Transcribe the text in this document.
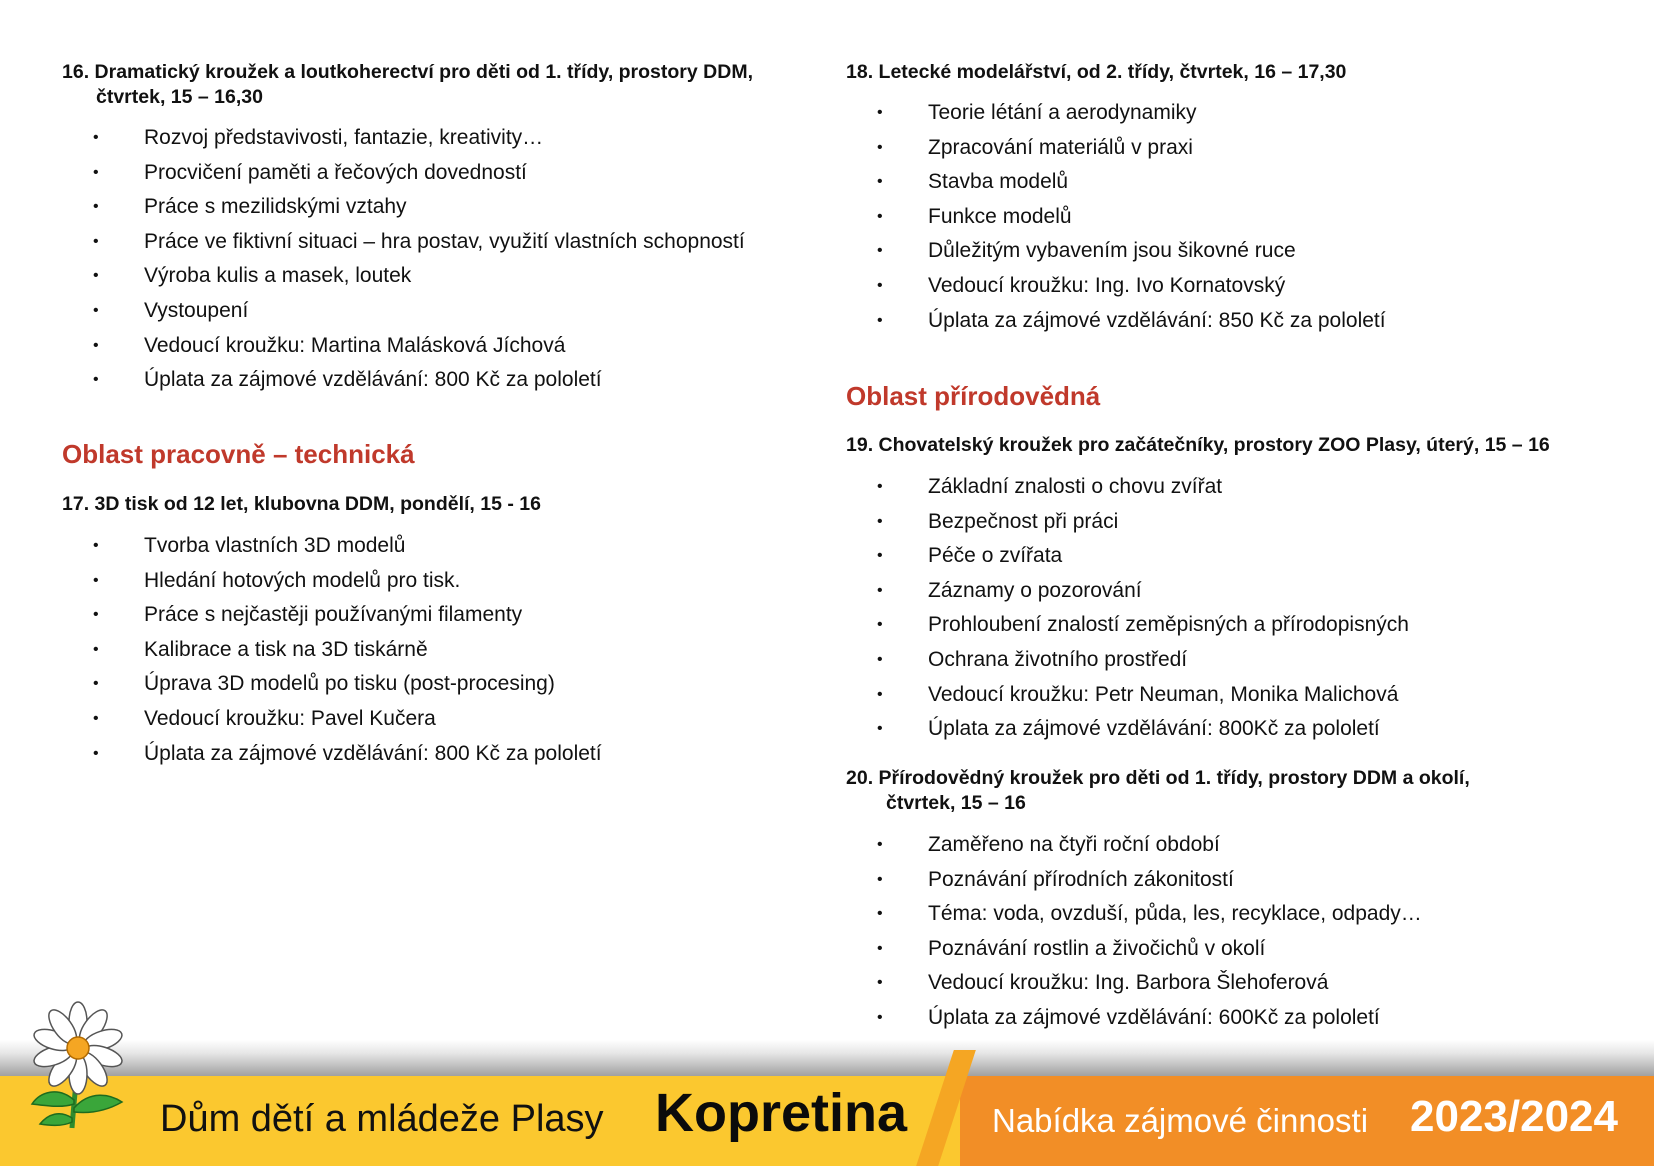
16. Dramatický kroužek a loutkoherectví pro děti od 1. třídy, prostory DDM,
čtvrtek, 15 – 16,30

• Rozvoj představivosti, fantazie, kreativity…
• Procvičení paměti a řečových dovedností
• Práce s mezilidskými vztahy
• Práce ve fiktivní situaci – hra postav, využití vlastních schopností
• Výroba kulis a masek, loutek
• Vystoupení
• Vedoucí kroužku: Martina Malásková Jíchová
• Úplata za zájmové vzdělávání: 800 Kč za pololetí
Oblast pracovně – technická

17. 3D tisk od 12 let, klubovna DDM, pondělí, 15 - 16

• Tvorba vlastních 3D modelů
• Hledání hotových modelů pro tisk.
• Práce s nejčastěji používanými filamenty
• Kalibrace a tisk na 3D tiskárně
• Úprava 3D modelů po tisku (post-procesing)
• Vedoucí kroužku: Pavel Kučera
• Úplata za zájmové vzdělávání: 800 Kč za pololetí

18. Letecké modelářství, od 2. třídy, čtvrtek, 16 – 17,30

• Teorie létání a aerodynamiky
• Zpracování materiálů v praxi
• Stavba modelů
• Funkce modelů
• Důležitým vybavením jsou šikovné ruce
• Vedoucí kroužku: Ing. Ivo Kornatovský
• Úplata za zájmové vzdělávání: 850 Kč za pololetí
Oblast přírodovědná

19. Chovatelský kroužek pro začátečníky, prostory ZOO Plasy, úterý, 15 – 16

• Základní znalosti o chovu zvířat
• Bezpečnost při práci
• Péče o zvířata
• Záznamy o pozorování
• Prohloubení znalostí zeměpisných a přírodopisných
• Ochrana životního prostředí
• Vedoucí kroužku: Petr Neuman, Monika Malichová
• Úplata za zájmové vzdělávání: 800Kč za pololetí

20. Přírodovědný kroužek pro děti od 1. třídy, prostory DDM a okolí,
čtvrtek, 15 – 16

• Zaměřeno na čtyři roční období
• Poznávání přírodních zákonitostí
• Téma: voda, ovzduší, půda, les, recyklace, odpady…
• Poznávání rostlin a živočichů v okolí
• Vedoucí kroužku: Ing. Barbora Šlehoferová
• Úplata za zájmové vzdělávání: 600Kč za pololetí
Dům dětí a mládeže Plasy Kopretina	Nabídka zájmové činnosti 2023/2024
